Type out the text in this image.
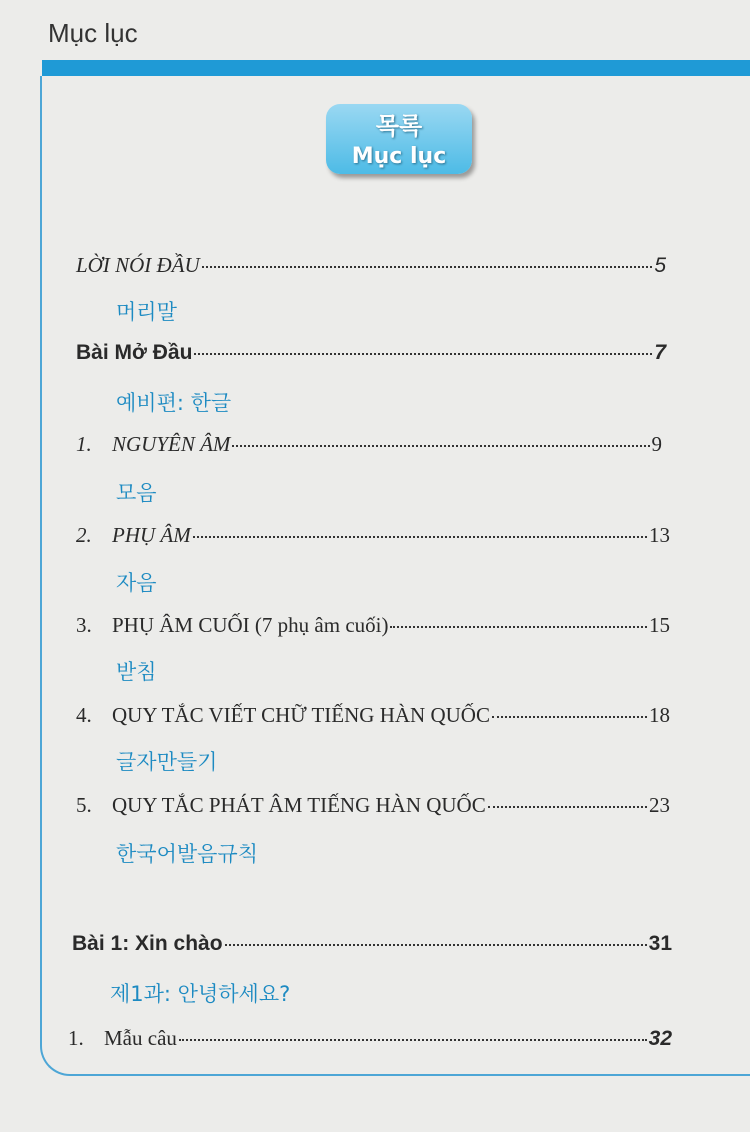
Mục lục
목록
Mục lục
LỜI NÓI ĐẦU	5
머리말
Bài Mở Đầu	7
예비편: 한글
1. NGUYÊN ÂM	9
모음
2. PHỤ ÂM	13
자음
3. PHỤ ÂM CUỐI (7 phụ âm cuối)	15
받침
4. QUY TẮC VIẾT CHỮ TIẾNG HÀN QUỐC	18
글자만들기
5. QUY TẮC PHÁT ÂM TIẾNG HÀN QUỐC	23
한국어발음규칙
Bài 1: Xin chào	31
제1과: 안녕하세요?
1. Mẫu câu	32
